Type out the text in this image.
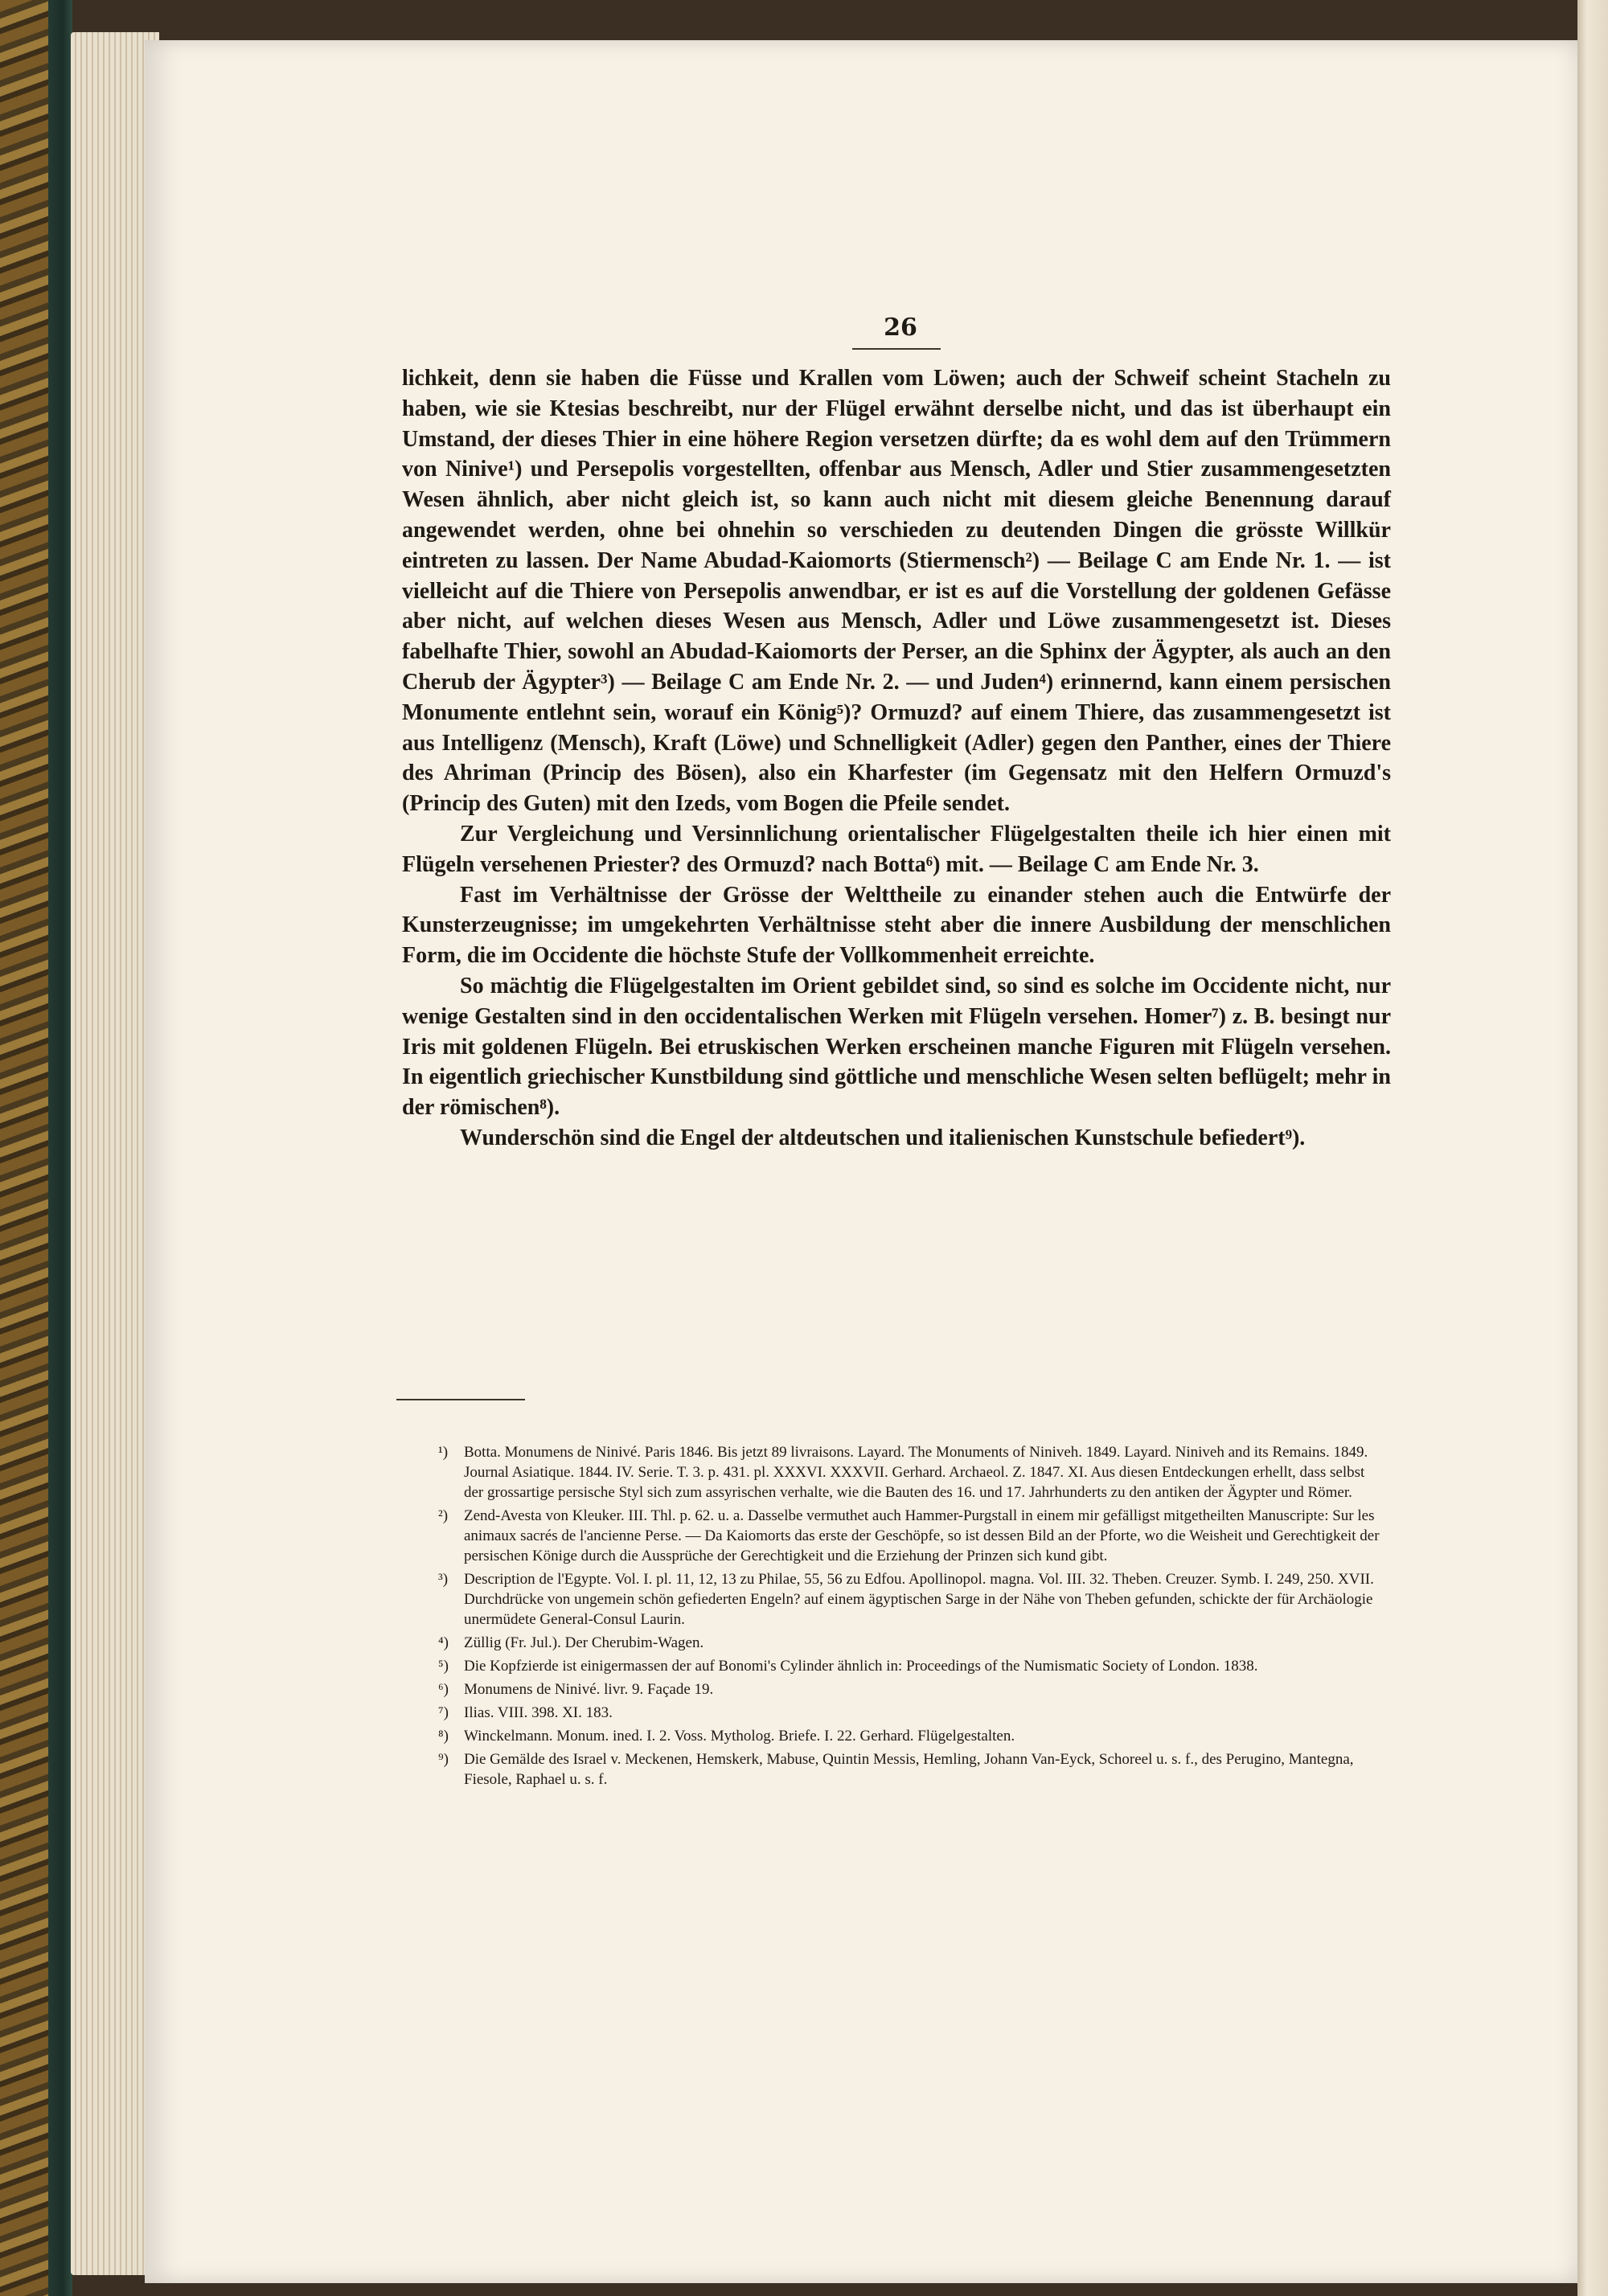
26

lichkeit, denn sie haben die Füsse und Krallen vom Löwen; auch der Schweif scheint Stacheln zu haben, wie sie Ktesias beschreibt, nur der Flügel erwähnt derselbe nicht, und das ist überhaupt ein Umstand, der dieses Thier in eine höhere Region versetzen dürfte; da es wohl dem auf den Trümmern von Ninive¹) und Persepolis vorgestellten, offenbar aus Mensch, Adler und Stier zusammengesetzten Wesen ähnlich, aber nicht gleich ist, so kann auch nicht mit diesem gleiche Benennung darauf angewendet werden, ohne bei ohnehin so verschieden zu deutenden Dingen die grösste Willkür eintreten zu lassen. Der Name Abudad-Kaiomorts (Stiermensch²) — Beilage C am Ende Nr. 1. — ist vielleicht auf die Thiere von Persepolis anwendbar, er ist es auf die Vorstellung der goldenen Gefässe aber nicht, auf welchen dieses Wesen aus Mensch, Adler und Löwe zusammengesetzt ist. Dieses fabelhafte Thier, sowohl an Abudad-Kaiomorts der Perser, an die Sphinx der Ägypter, als auch an den Cherub der Ägypter³) — Beilage C am Ende Nr. 2. — und Juden⁴) erinnernd, kann einem persischen Monumente entlehnt sein, worauf ein König⁵)? Ormuzd? auf einem Thiere, das zusammengesetzt ist aus Intelligenz (Mensch), Kraft (Löwe) und Schnelligkeit (Adler) gegen den Panther, eines der Thiere des Ahriman (Princip des Bösen), also ein Kharfester (im Gegensatz mit den Helfern Ormuzd's (Princip des Guten) mit den Izeds, vom Bogen die Pfeile sendet.

Zur Vergleichung und Versinnlichung orientalischer Flügelgestalten theile ich hier einen mit Flügeln versehenen Priester? des Ormuzd? nach Botta⁶) mit. — Beilage C am Ende Nr. 3.

Fast im Verhältnisse der Grösse der Welttheile zu einander stehen auch die Entwürfe der Kunsterzeugnisse; im umgekehrten Verhältnisse steht aber die innere Ausbildung der menschlichen Form, die im Occidente die höchste Stufe der Vollkommenheit erreichte.

So mächtig die Flügelgestalten im Orient gebildet sind, so sind es solche im Occidente nicht, nur wenige Gestalten sind in den occidentalischen Werken mit Flügeln versehen. Homer⁷) z. B. besingt nur Iris mit goldenen Flügeln. Bei etruskischen Werken erscheinen manche Figuren mit Flügeln versehen. In eigentlich griechischer Kunstbildung sind göttliche und menschliche Wesen selten beflügelt; mehr in der römischen⁸).

Wunderschön sind die Engel der altdeutschen und italienischen Kunstschule befiedert⁹).

¹) Botta. Monumens de Ninivé. Paris 1846. Bis jetzt 89 livraisons. Layard. The Monuments of Niniveh. 1849. Layard. Niniveh and its Remains. 1849. Journal Asiatique. 1844. IV. Serie. T. 3. p. 431. pl. XXXVI. XXXVII. Gerhard. Archaeol. Z. 1847. XI. Aus diesen Entdeckungen erhellt, dass selbst der grossartige persische Styl sich zum assyrischen verhalte, wie die Bauten des 16. und 17. Jahrhunderts zu den antiken der Ägypter und Römer.
²) Zend-Avesta von Kleuker. III. Thl. p. 62. u. a. Dasselbe vermuthet auch Hammer-Purgstall in einem mir gefälligst mitgetheilten Manuscripte: Sur les animaux sacrés de l'ancienne Perse. — Da Kaiomorts das erste der Geschöpfe, so ist dessen Bild an der Pforte, wo die Weisheit und Gerechtigkeit der persischen Könige durch die Aussprüche der Gerechtigkeit und die Erziehung der Prinzen sich kund gibt.
³) Description de l'Egypte. Vol. I. pl. 11, 12, 13 zu Philae, 55, 56 zu Edfou. Apollinopol. magna. Vol. III. 32. Theben. Creuzer. Symb. I. 249, 250. XVII. Durchdrücke von ungemein schön gefiederten Engeln? auf einem ägyptischen Sarge in der Nähe von Theben gefunden, schickte der für Archäologie unermüdete General-Consul Laurin.
⁴) Züllig (Fr. Jul.). Der Cherubim-Wagen.
⁵) Die Kopfzierde ist einigermassen der auf Bonomi's Cylinder ähnlich in: Proceedings of the Numismatic Society of London. 1838.
⁶) Monumens de Ninivé. livr. 9. Façade 19.
⁷) Ilias. VIII. 398. XI. 183.
⁸) Winckelmann. Monum. ined. I. 2. Voss. Mytholog. Briefe. I. 22. Gerhard. Flügelgestalten.
⁹) Die Gemälde des Israel v. Meckenen, Hemskerk, Mabuse, Quintin Messis, Hemling, Johann Van-Eyck, Schoreel u. s. f., des Perugino, Mantegna, Fiesole, Raphael u. s. f.
